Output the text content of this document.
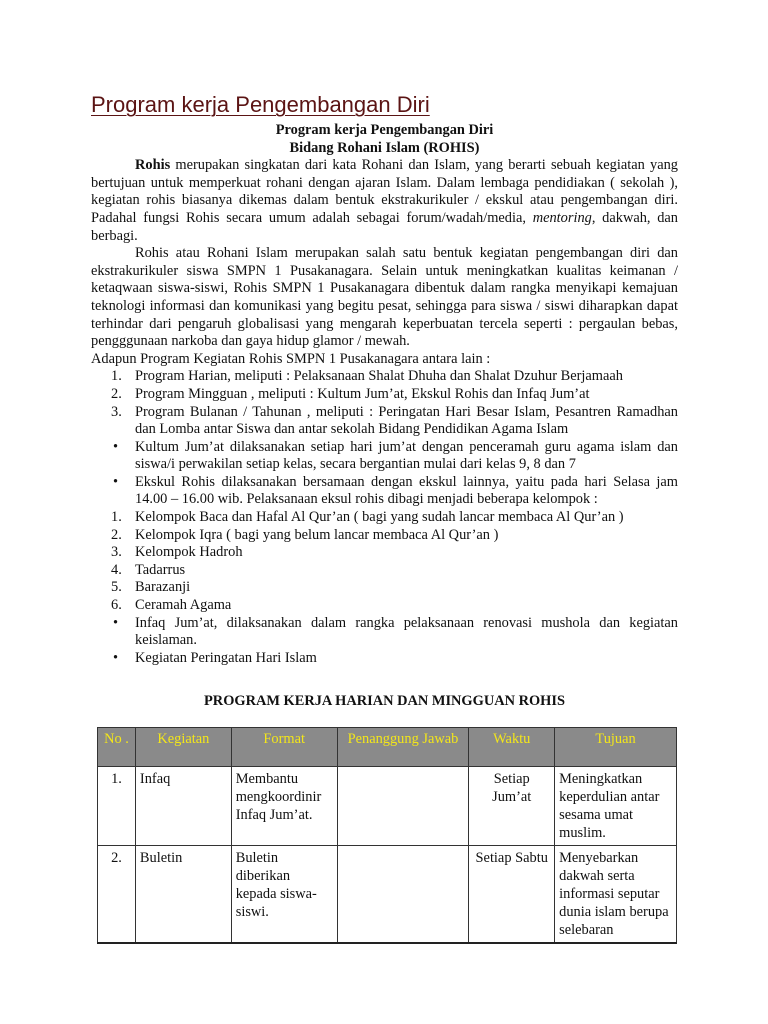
Program kerja Pengembangan Diri
Program kerja Pengembangan Diri
Bidang Rohani Islam (ROHIS)

Rohis merupakan singkatan dari kata Rohani dan Islam, yang berarti sebuah kegiatan yang bertujuan untuk memperkuat rohani dengan ajaran Islam. Dalam lembaga pendidiakan ( sekolah ), kegiatan rohis biasanya dikemas dalam bentuk ekstrakurikuler / ekskul atau pengembangan diri. Padahal fungsi Rohis secara umum adalah sebagai forum/wadah/media, mentoring, dakwah, dan berbagi.

Rohis atau Rohani Islam merupakan salah satu bentuk kegiatan pengembangan diri dan ekstrakurikuler siswa SMPN 1 Pusakanagara. Selain untuk meningkatkan kualitas keimanan / ketaqwaan siswa-siswi, Rohis SMPN 1 Pusakanagara dibentuk dalam rangka menyikapi kemajuan teknologi informasi dan komunikasi yang begitu pesat, sehingga para siswa / siswi diharapkan dapat terhindar dari pengaruh globalisasi yang mengarah keperbuatan tercela seperti : pergaulan bebas, pengggunaan narkoba dan gaya hidup glamor / mewah.

Adapun Program Kegiatan Rohis SMPN 1 Pusakanagara antara lain :

1. Program Harian, meliputi : Pelaksanaan Shalat Dhuha dan Shalat Dzuhur Berjamaah
2. Program Mingguan , meliputi : Kultum Jum’at, Ekskul Rohis dan Infaq Jum’at
3. Program Bulanan / Tahunan , meliputi : Peringatan Hari Besar Islam, Pesantren Ramadhan dan Lomba antar Siswa dan antar sekolah Bidang Pendidikan Agama Islam
•	Kultum Jum’at dilaksanakan setiap hari jum’at dengan penceramah guru agama islam dan siswa/i perwakilan setiap kelas, secara bergantian mulai dari kelas 9, 8 dan 7
•	Ekskul Rohis dilaksanakan bersamaan dengan ekskul lainnya, yaitu pada hari Selasa jam 14.00 – 16.00 wib. Pelaksanaan eksul rohis dibagi menjadi beberapa kelompok :
1. Kelompok Baca dan Hafal Al Qur’an ( bagi yang sudah lancar membaca Al Qur’an )
2. Kelompok Iqra ( bagi yang belum lancar membaca Al Qur’an )
3. Kelompok Hadroh
4. Tadarrus
5. Barazanji
6. Ceramah Agama
•	Infaq Jum’at, dilaksanakan dalam rangka pelaksanaan renovasi mushola dan kegiatan keislaman.
•	Kegiatan Peringatan Hari Islam
PROGRAM KERJA HARIAN DAN MINGGUAN ROHIS
No .	Kegiatan	Format	Penanggung Jawab	Waktu	Tujuan
1.	Infaq	Membantu mengkoordinir Infaq Jum’at.		Setiap Jum’at	Meningkatkan keperdulian antar sesama umat muslim.
2.	Buletin	Buletin diberikan kepada siswa-siswi.		Setiap Sabtu	Menyebarkan dakwah serta informasi seputar dunia islam berupa selebaran
